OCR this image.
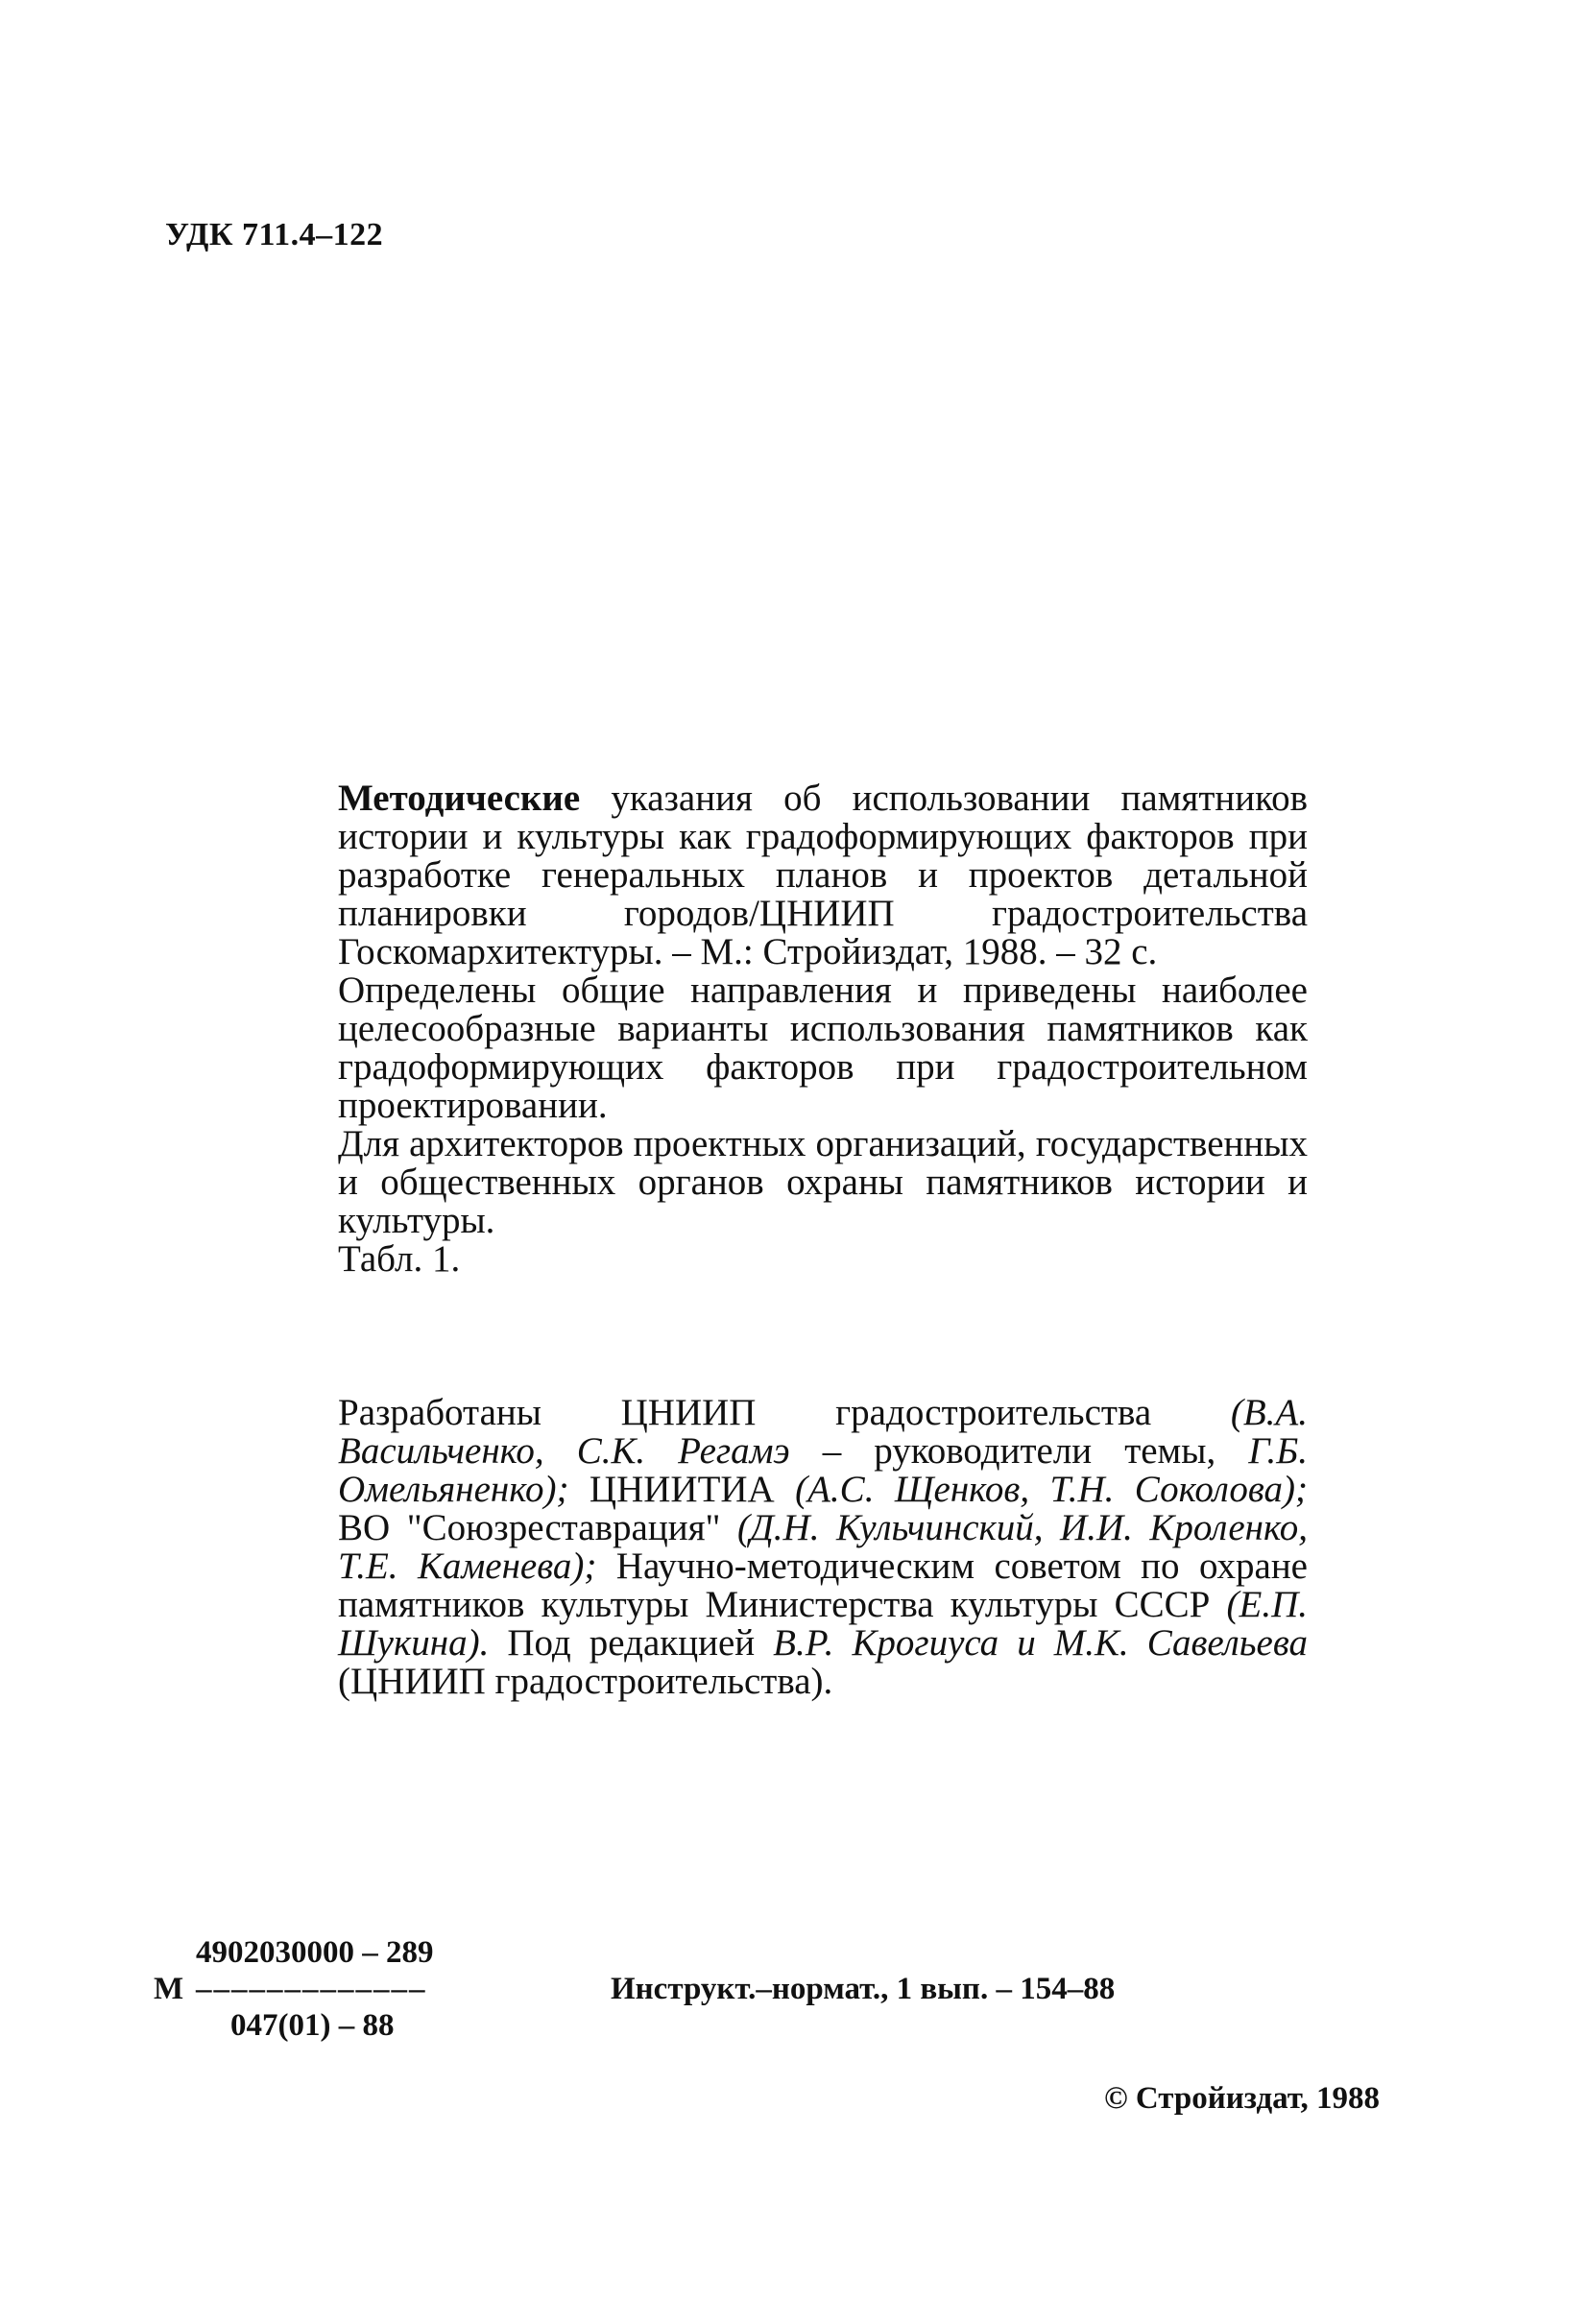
УДК 711.4–122

Методические указания об использовании памятников истории и культуры как градоформирующих факторов при разработке генеральных планов и проектов детальной планировки городов/ЦНИИП градостроительства Госкомархитектуры. – М.: Стройиздат, 1988. – 32 с.

Определены общие направления и приведены наиболее целесообразные варианты использования памятников как градоформирующих факторов при градостроительном проектировании.

Для архитекторов проектных организаций, государственных и общественных органов охраны памятников истории и культуры.

Табл. 1.

Разработаны ЦНИИП градостроительства (В.А. Васильченко, С.К. Регамэ – руководители темы, Г.Б. Омельяненко); ЦНИИТИА (А.С. Щенков, Т.Н. Соколова); ВО "Союзреставрация" (Д.Н. Кульчинский, И.И. Кроленко, Т.Е. Каменева); Научно-методическим советом по охране памятников культуры Министерства культуры СССР (Е.П. Шукина). Под редакцией В.Р. Крогиуса и М.К. Савельева (ЦНИИП градостроительства).

4902030000 – 289
М –––––––––––––	Инструкт.–нормат., 1 вып. – 154–88
047(01) – 88
© Стройиздат, 1988
